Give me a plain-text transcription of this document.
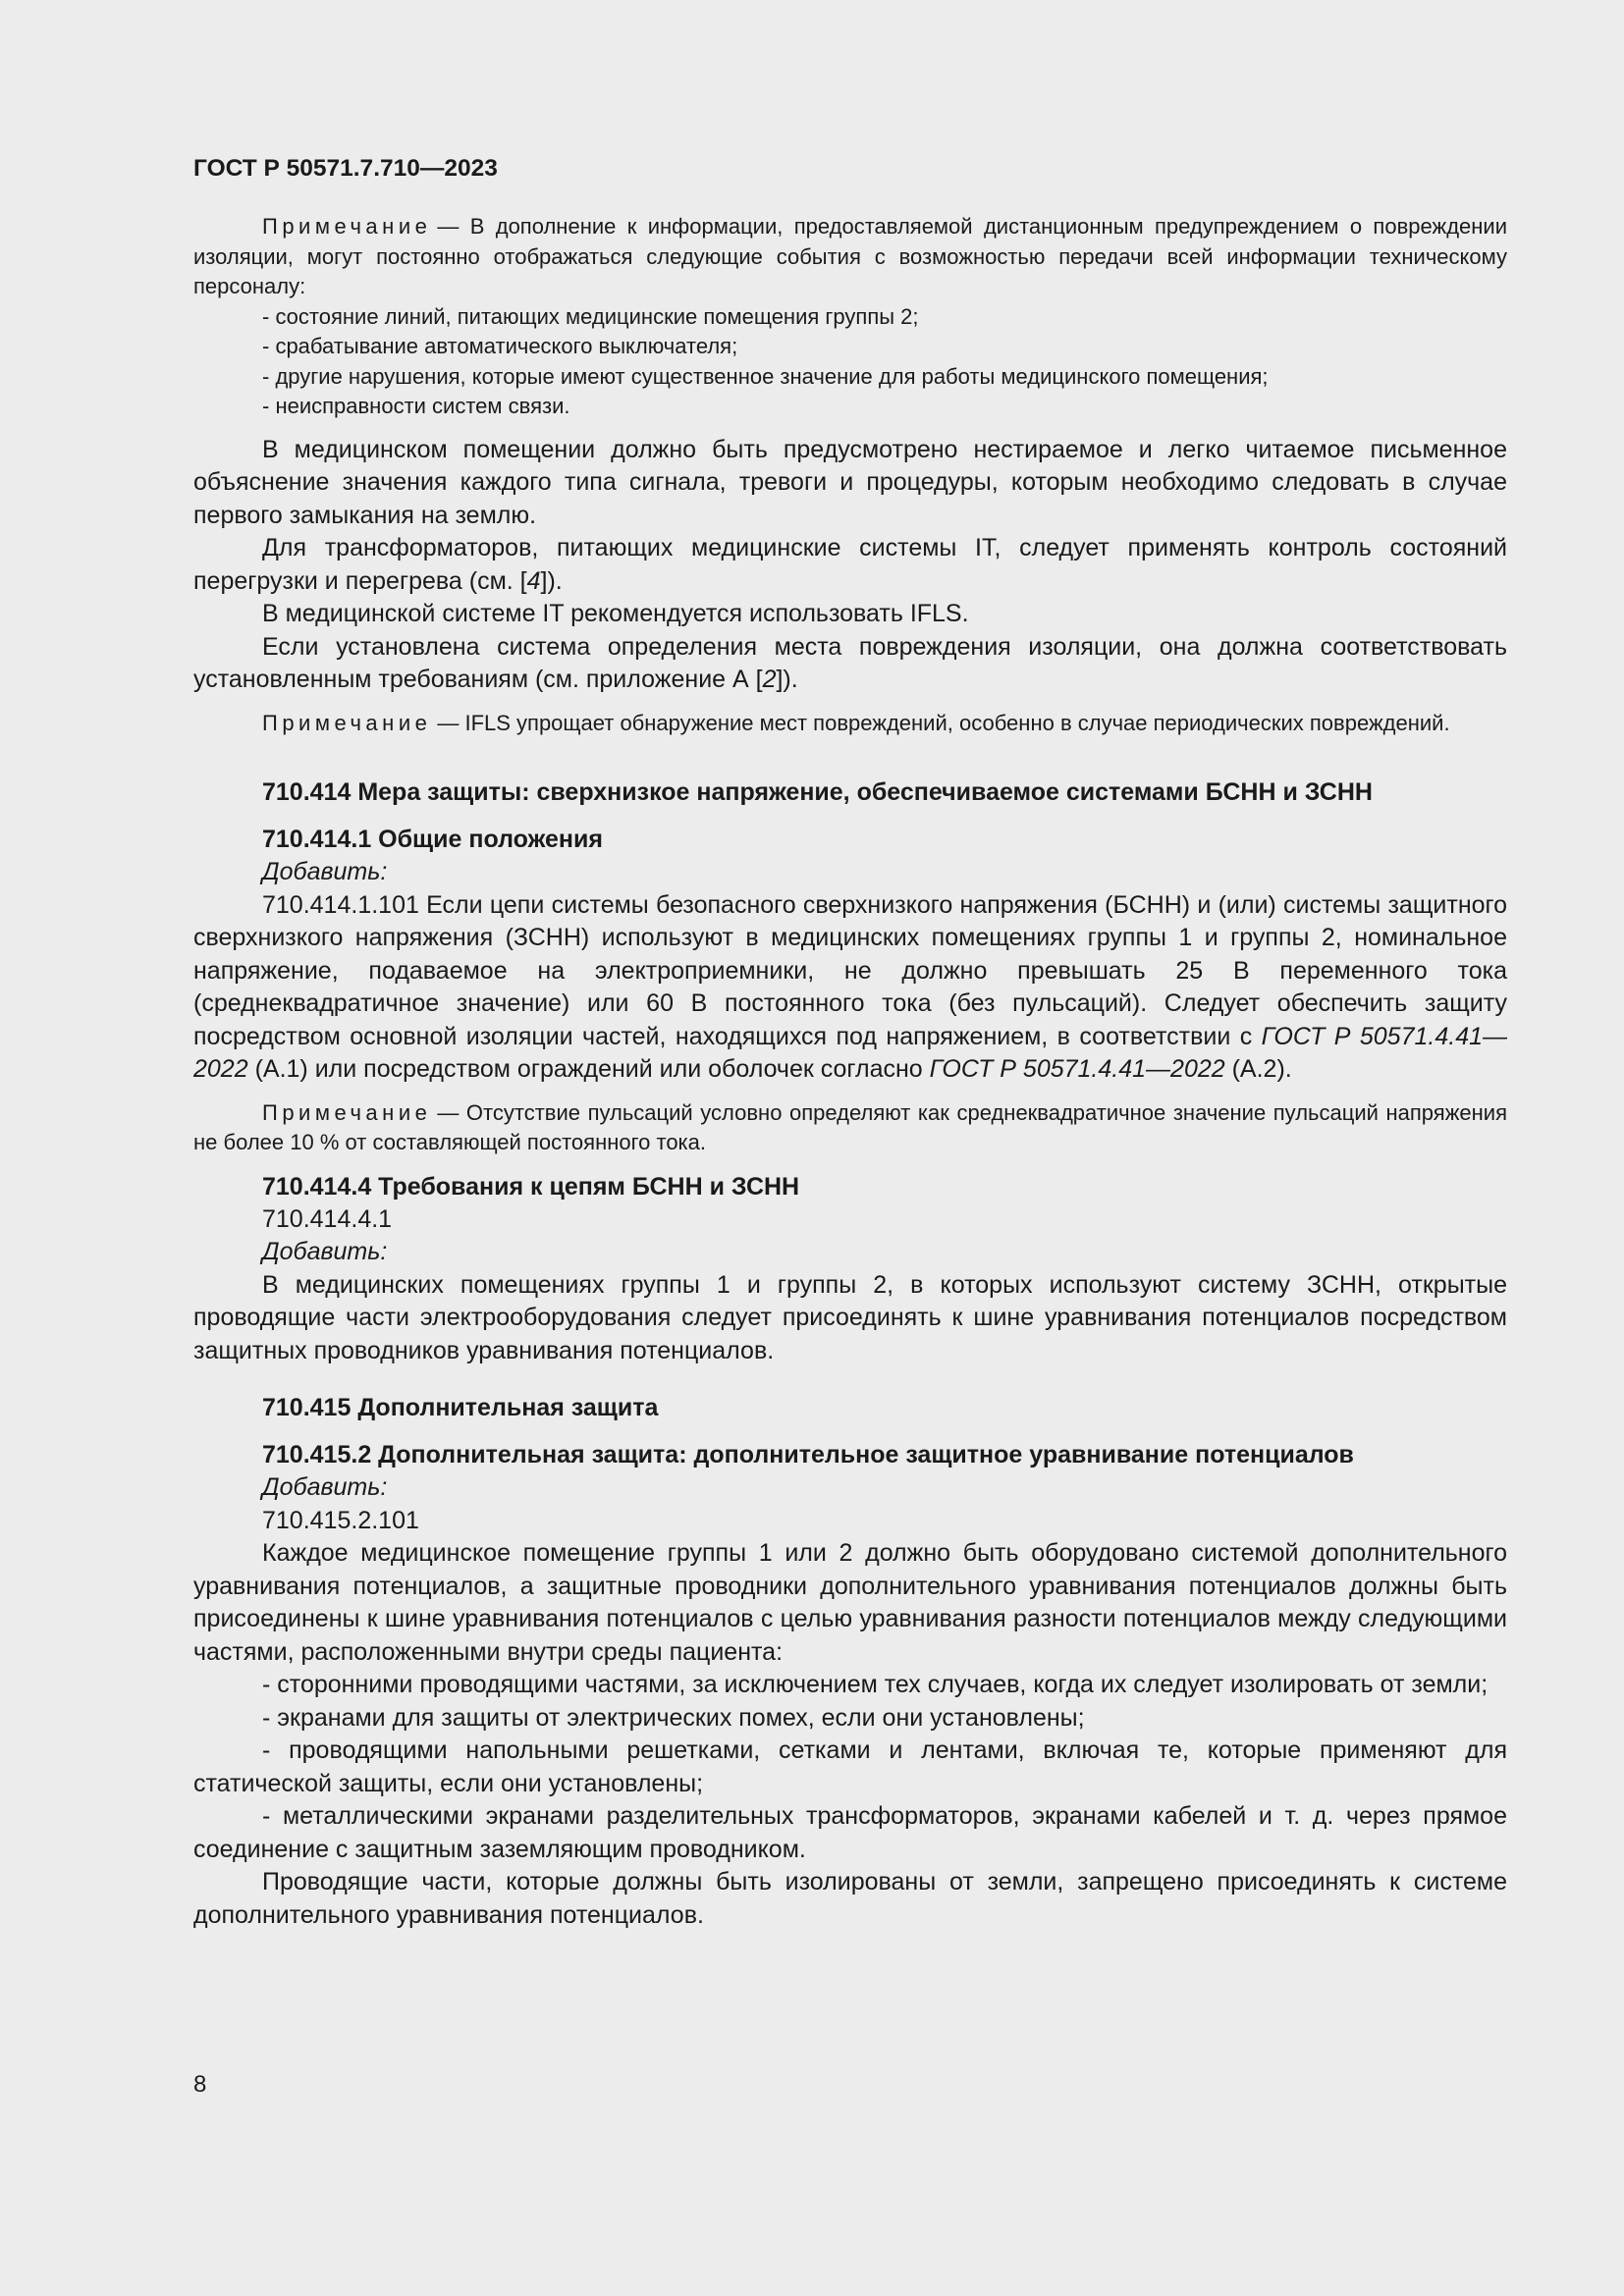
ГОСТ Р 50571.7.710—2023

Примечание — В дополнение к информации, предоставляемой дистанционным предупреждением о повреждении изоляции, могут постоянно отображаться следующие события с возможностью передачи всей информации техническому персоналу:

- состояние линий, питающих медицинские помещения группы 2;

- срабатывание автоматического выключателя;

- другие нарушения, которые имеют существенное значение для работы медицинского помещения;

- неисправности систем связи.

В медицинском помещении должно быть предусмотрено нестираемое и легко читаемое письменное объяснение значения каждого типа сигнала, тревоги и процедуры, которым необходимо следовать в случае первого замыкания на землю.

Для трансформаторов, питающих медицинские системы IT, следует применять контроль состояний перегрузки и перегрева (см. [4]).

В медицинской системе IT рекомендуется использовать IFLS.

Если установлена система определения места повреждения изоляции, она должна соответствовать установленным требованиям (см. приложение А [2]).

Примечание — IFLS упрощает обнаружение мест повреждений, особенно в случае периодических повреждений.

710.414 Мера защиты: сверхнизкое напряжение, обеспечиваемое системами БСНН и ЗСНН
710.414.1 Общие положения
Добавить:

710.414.1.101 Если цепи системы безопасного сверхнизкого напряжения (БСНН) и (или) системы защитного сверхнизкого напряжения (ЗСНН) используют в медицинских помещениях группы 1 и группы 2, номинальное напряжение, подаваемое на электроприемники, не должно превышать 25 В переменного тока (среднеквадратичное значение) или 60 В постоянного тока (без пульсаций). Следует обеспечить защиту посредством основной изоляции частей, находящихся под напряжением, в соответствии с ГОСТ Р 50571.4.41—2022 (А.1) или посредством ограждений или оболочек согласно ГОСТ Р 50571.4.41—2022 (А.2).

Примечание — Отсутствие пульсаций условно определяют как среднеквадратичное значение пульсаций напряжения не более 10 % от составляющей постоянного тока.

710.414.4 Требования к цепям БСНН и ЗСНН
710.414.4.1
Добавить:

В медицинских помещениях группы 1 и группы 2, в которых используют систему ЗСНН, открытые проводящие части электрооборудования следует присоединять к шине уравнивания потенциалов посредством защитных проводников уравнивания потенциалов.

710.415 Дополнительная защита
710.415.2 Дополнительная защита: дополнительное защитное уравнивание потенциалов
Добавить:
710.415.2.101

Каждое медицинское помещение группы 1 или 2 должно быть оборудовано системой дополнительного уравнивания потенциалов, а защитные проводники дополнительного уравнивания потенциалов должны быть присоединены к шине уравнивания потенциалов с целью уравнивания разности потенциалов между следующими частями, расположенными внутри среды пациента:

- сторонними проводящими частями, за исключением тех случаев, когда их следует изолировать от земли;

- экранами для защиты от электрических помех, если они установлены;

- проводящими напольными решетками, сетками и лентами, включая те, которые применяют для статической защиты, если они установлены;

- металлическими экранами разделительных трансформаторов, экранами кабелей и т. д. через прямое соединение с защитным заземляющим проводником.

Проводящие части, которые должны быть изолированы от земли, запрещено присоединять к системе дополнительного уравнивания потенциалов.

8
